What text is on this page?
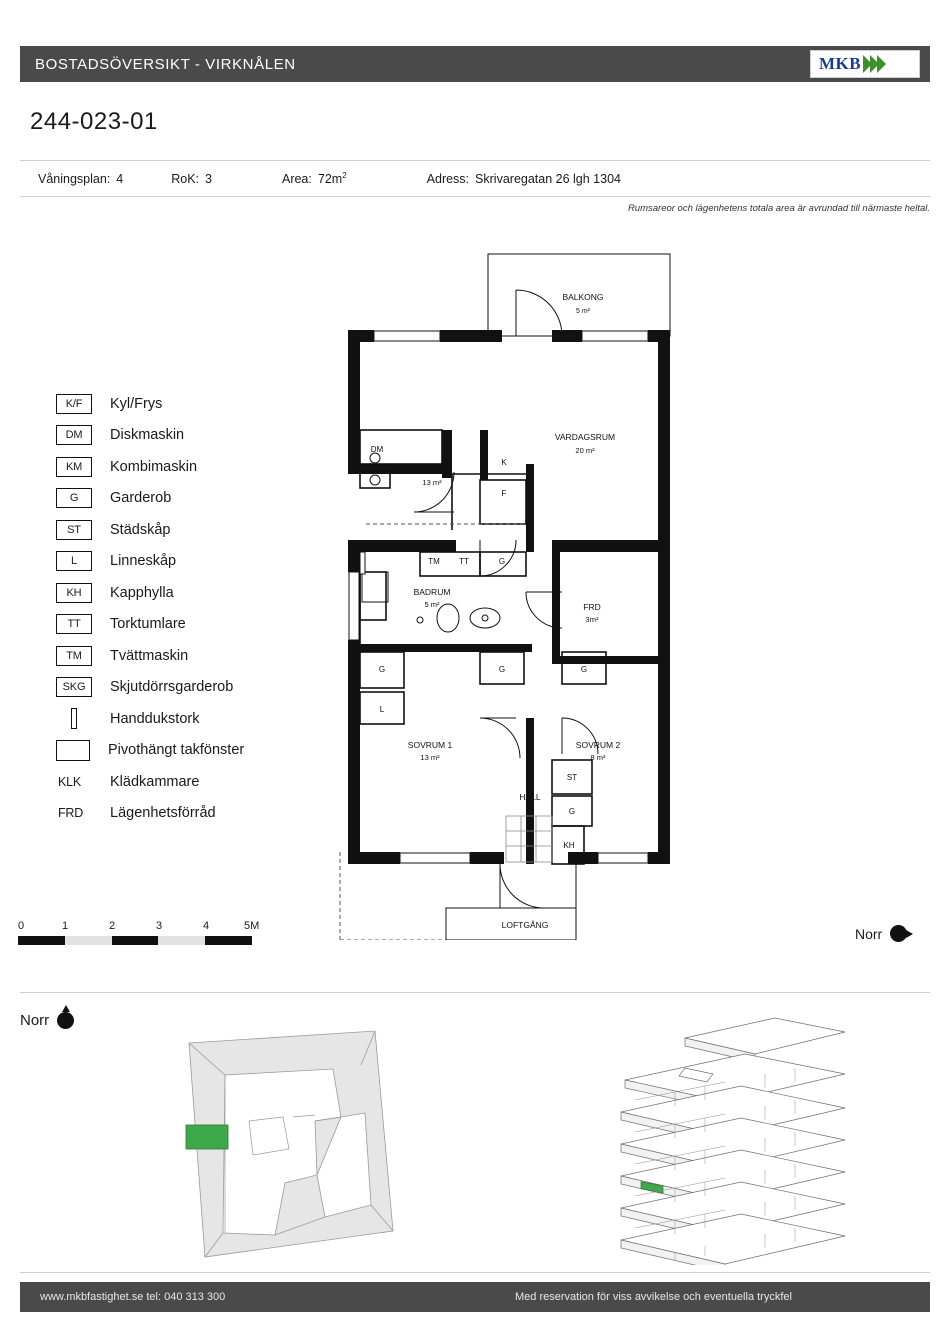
BOSTADSÖVERSIKT - VIRKNÅLEN	MKB
244-023-01
Våningsplan: 4	RoK: 3	Area: $72m^2$	Adress: Skrivaregatan 26 lgh 1304
Rumsareor och lägenhetens totala area är avrundad till närmaste heltal.
K/F	Kyl/Frys
DM	Diskmaskin
KM	Kombimaskin
G	Garderob
ST	Städskåp
L	Linneskåp
KH	Kapphylla
TT	Torktumlare
TM	Tvättmaskin
SKG	Skjutdörrsgarderob
Handdukstork
Pivothängt takfönster
KLK	Klädkammare
FRD	Lägenhetsförråd
0	1	2	3	4	5M	Norr
BALKONG
5 m²
VARDAGSRUM
20 m²
KOK
13 m²
DM
K
F
BADRUM
5 m²
TM TT	G
FRD
3m²
G
L
G	G
SOVRUM 1
13 m²
SOVRUM 2
8 m²
ST
G
KH
HALL
LOFTGÅNG
Norr
www.mkbfastighet.se tel: 040 313 300	Med reservation för viss avvikelse och eventuella tryckfel
